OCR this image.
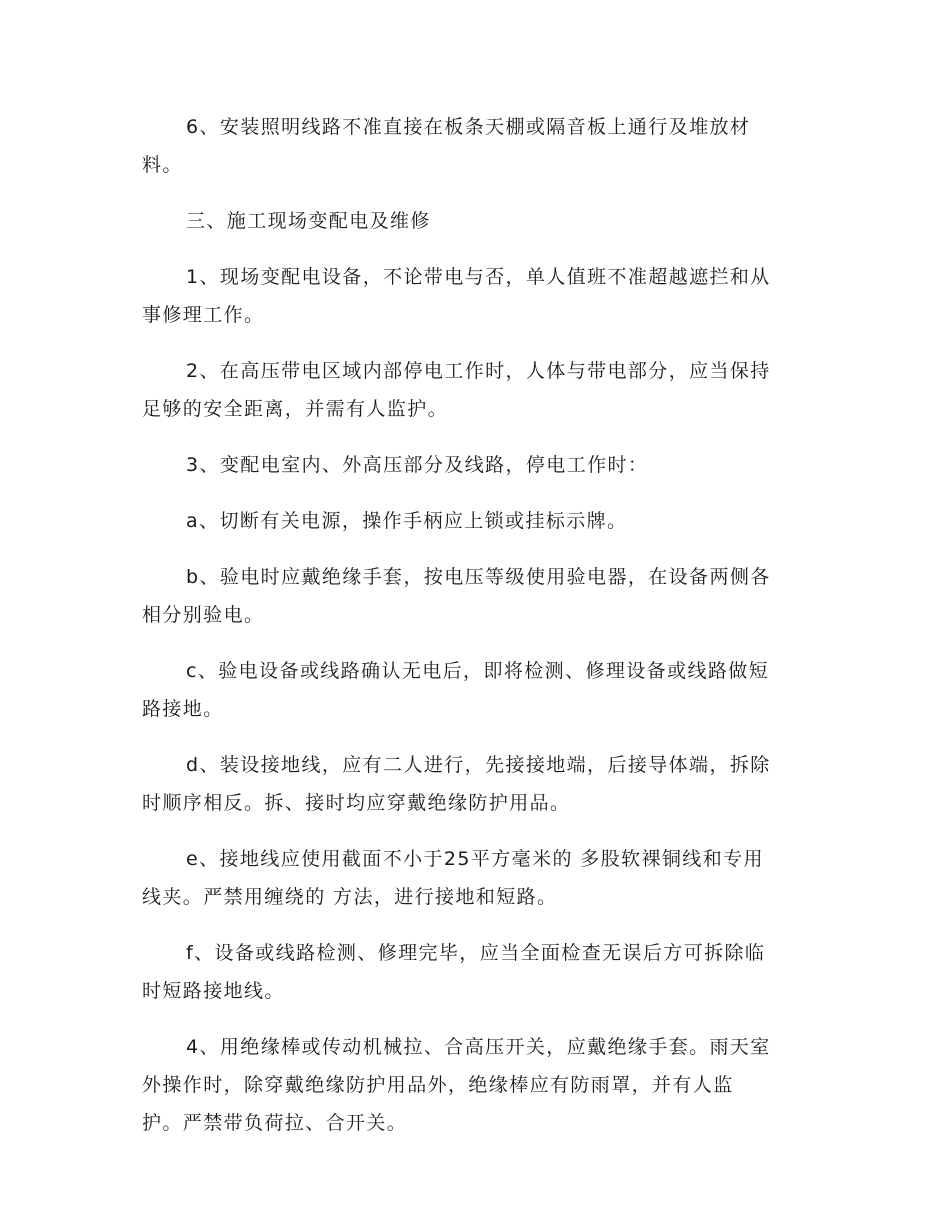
6、安装照明线路不准直接在板条天棚或隔音板上通行及堆放材
料。

三、施工现场变配电及维修

1、现场变配电设备，不论带电与否，单人值班不准超越遮拦和从
事修理工作。

2、在高压带电区域内部停电工作时，人体与带电部分，应当保持
足够的安全距离，并需有人监护。

3、变配电室内、外高压部分及线路，停电工作时：

a、切断有关电源，操作手柄应上锁或挂标示牌。

b、验电时应戴绝缘手套，按电压等级使用验电器，在设备两侧各
相分别验电。

c、验电设备或线路确认无电后，即将检测、修理设备或线路做短
路接地。

d、装设接地线，应有二人进行，先接接地端，后接导体端，拆除
时顺序相反。拆、接时均应穿戴绝缘防护用品。

e、接地线应使用截面不小于25平方毫米的 多股软裸铜线和专用
线夹。严禁用缠绕的 方法，进行接地和短路。

f、设备或线路检测、修理完毕，应当全面检查无误后方可拆除临
时短路接地线。

4、用绝缘棒或传动机械拉、合高压开关，应戴绝缘手套。雨天室
外操作时，除穿戴绝缘防护用品外，绝缘棒应有防雨罩，并有人监
护。严禁带负荷拉、合开关。
